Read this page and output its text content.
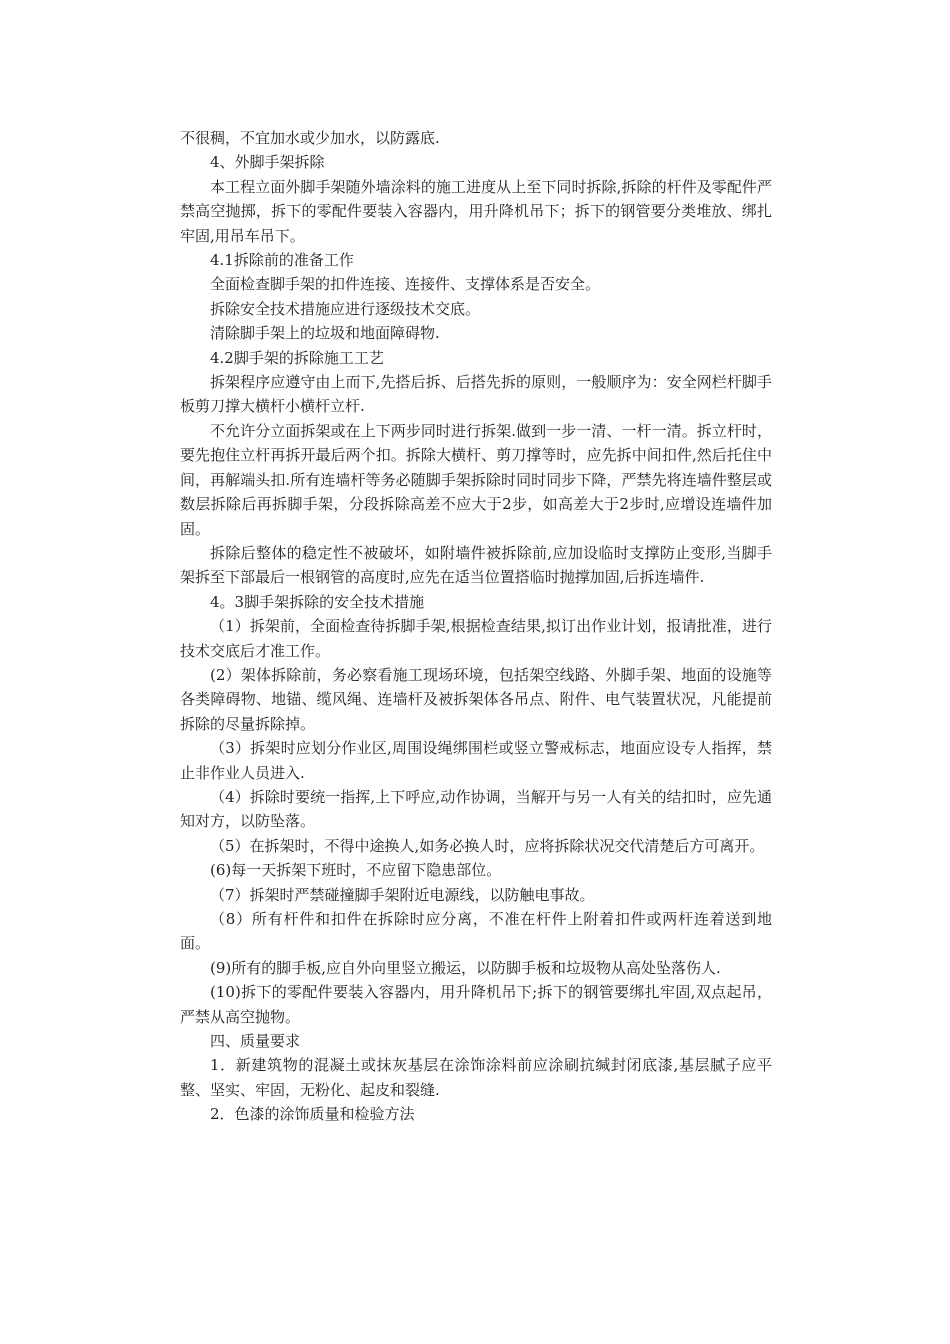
不很稠，不宜加水或少加水，以防露底.

4、外脚手架拆除

本工程立面外脚手架随外墙涂料的施工进度从上至下同时拆除,拆除的杆件及零配件严禁高空抛掷，拆下的零配件要装入容器内，用升降机吊下；拆下的钢管要分类堆放、绑扎牢固,用吊车吊下。

4.1拆除前的准备工作

全面检查脚手架的扣件连接、连接件、支撑体系是否安全。

拆除安全技术措施应进行逐级技术交底。

清除脚手架上的垃圾和地面障碍物.

4.2脚手架的拆除施工工艺

拆架程序应遵守由上而下,先搭后拆、后搭先拆的原则，一般顺序为：安全网栏杆脚手板剪刀撑大横杆小横杆立杆.

不允许分立面拆架或在上下两步同时进行拆架.做到一步一清、一杆一清。拆立杆时，要先抱住立杆再拆开最后两个扣。拆除大横杆、剪刀撑等时，应先拆中间扣件,然后托住中间，再解端头扣.所有连墙杆等务必随脚手架拆除时同时同步下降，严禁先将连墙件整层或数层拆除后再拆脚手架，分段拆除高差不应大于2步，如高差大于2步时,应增设连墙件加固。

拆除后整体的稳定性不被破坏，如附墙件被拆除前,应加设临时支撑防止变形,当脚手架拆至下部最后一根钢管的高度时,应先在适当位置搭临时抛撑加固,后拆连墙件.

4。3脚手架拆除的安全技术措施

（1）拆架前，全面检查待拆脚手架,根据检查结果,拟订出作业计划，报请批准，进行技术交底后才准工作。

(2）架体拆除前，务必察看施工现场环境，包括架空线路、外脚手架、地面的设施等各类障碍物、地锚、缆风绳、连墙杆及被拆架体各吊点、附件、电气装置状况，凡能提前拆除的尽量拆除掉。

（3）拆架时应划分作业区,周围设绳绑围栏或竖立警戒标志，地面应设专人指挥，禁止非作业人员进入.

（4）拆除时要统一指挥,上下呼应,动作协调，当解开与另一人有关的结扣时，应先通知对方，以防坠落。

（5）在拆架时，不得中途换人,如务必换人时，应将拆除状况交代清楚后方可离开。

(6)每一天拆架下班时，不应留下隐患部位。

（7）拆架时严禁碰撞脚手架附近电源线，以防触电事故。

（8）所有杆件和扣件在拆除时应分离，不准在杆件上附着扣件或两杆连着送到地面。

(9)所有的脚手板,应自外向里竖立搬运，以防脚手板和垃圾物从高处坠落伤人.

(10)拆下的零配件要装入容器内，用升降机吊下;拆下的钢管要绑扎牢固,双点起吊，严禁从高空抛物。

四、质量要求

1．新建筑物的混凝土或抹灰基层在涂饰涂料前应涂刷抗缄封闭底漆,基层腻子应平整、坚实、牢固，无粉化、起皮和裂缝.

2．色漆的涂饰质量和检验方法
